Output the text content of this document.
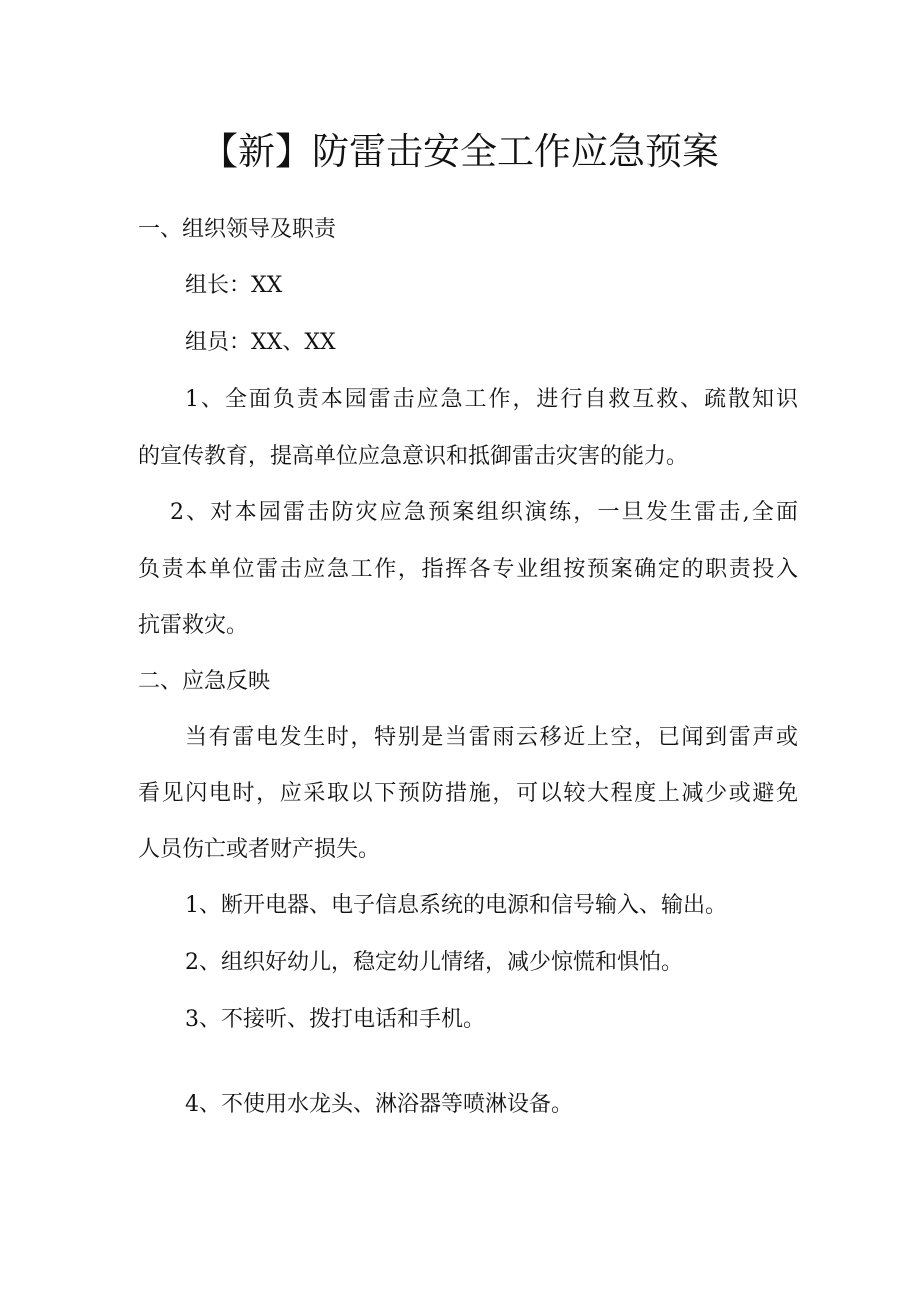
【新】防雷击安全工作应急预案

一、组织领导及职责

组长：XX

组员：XX、XX

1、全面负责本园雷击应急工作，进行自救互救、疏散知识

的宣传教育，提高单位应急意识和抵御雷击灾害的能力。

2、对本园雷击防灾应急预案组织演练，一旦发生雷击,全面

负责本单位雷击应急工作，指挥各专业组按预案确定的职责投入

抗雷救灾。

二、应急反映

当有雷电发生时，特别是当雷雨云移近上空，已闻到雷声或

看见闪电时，应采取以下预防措施，可以较大程度上减少或避免

人员伤亡或者财产损失。

1、断开电器、电子信息系统的电源和信号输入、输出。

2、组织好幼儿，稳定幼儿情绪，减少惊慌和惧怕。

3、不接听、拨打电话和手机。

4、不使用水龙头、淋浴器等喷淋设备。
